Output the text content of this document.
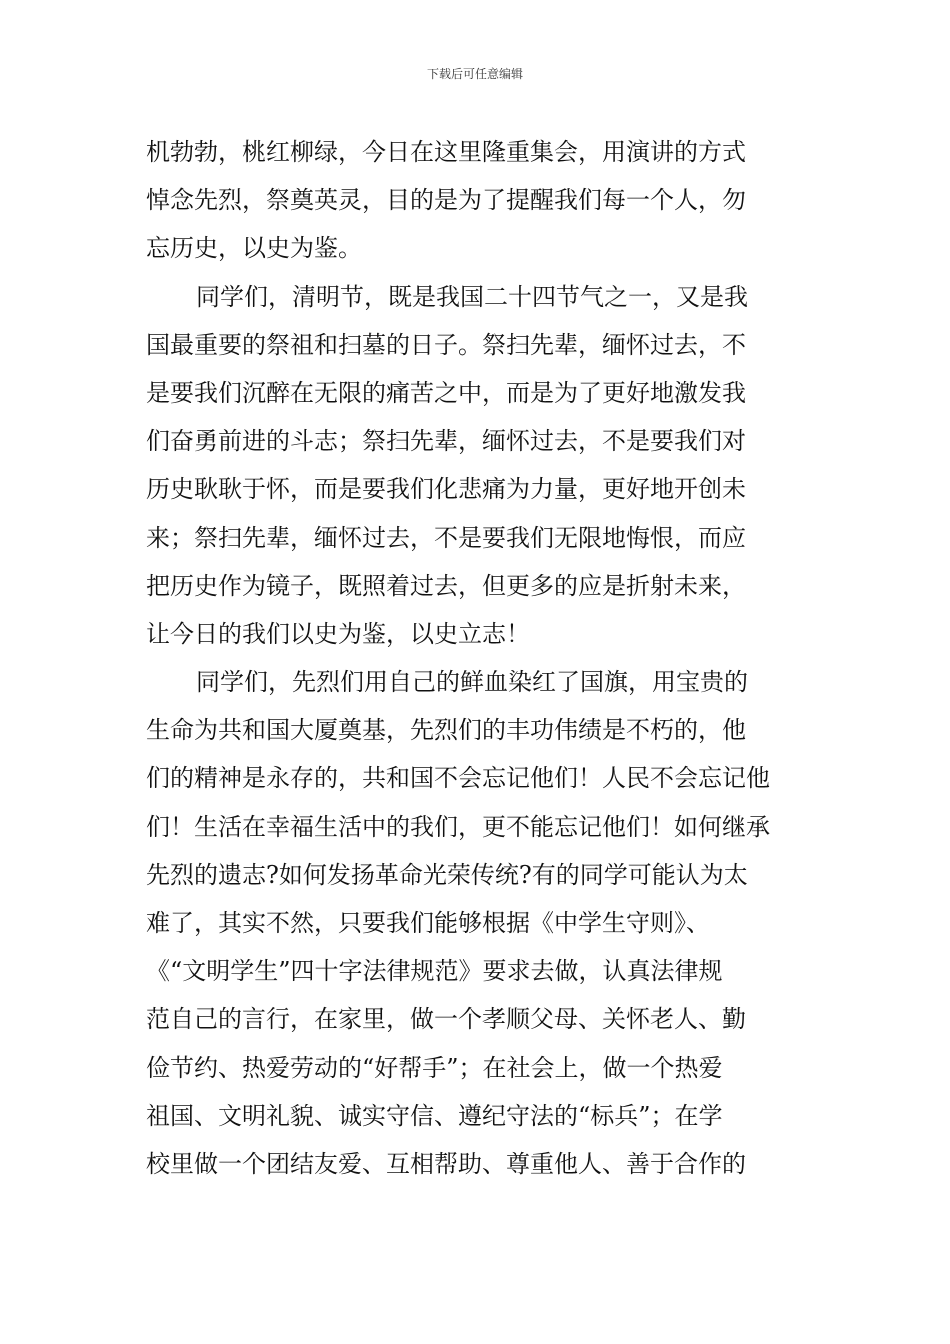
下载后可任意编辑
机勃勃，桃红柳绿，今日在这里隆重集会，用演讲的方式
悼念先烈，祭奠英灵，目的是为了提醒我们每一个人，勿
忘历史，以史为鉴。
同学们，清明节，既是我国二十四节气之一，又是我
国最重要的祭祖和扫墓的日子。祭扫先辈，缅怀过去，不
是要我们沉醉在无限的痛苦之中，而是为了更好地激发我
们奋勇前进的斗志；祭扫先辈，缅怀过去，不是要我们对
历史耿耿于怀，而是要我们化悲痛为力量，更好地开创未
来；祭扫先辈，缅怀过去，不是要我们无限地悔恨，而应
把历史作为镜子，既照着过去，但更多的应是折射未来，
让今日的我们以史为鉴，以史立志！
同学们，先烈们用自己的鲜血染红了国旗，用宝贵的
生命为共和国大厦奠基，先烈们的丰功伟绩是不朽的，他
们的精神是永存的，共和国不会忘记他们！人民不会忘记他
们！生活在幸福生活中的我们，更不能忘记他们！如何继承
先烈的遗志?如何发扬革命光荣传统?有的同学可能认为太
难了，其实不然，只要我们能够根据《中学生守则》、
《“文明学生”四十字法律规范》要求去做，认真法律规
范自己的言行，在家里，做一个孝顺父母、关怀老人、勤
俭节约、热爱劳动的“好帮手”；在社会上，做一个热爱
祖国、文明礼貌、诚实守信、遵纪守法的“标兵”；在学
校里做一个团结友爱、互相帮助、尊重他人、善于合作的
